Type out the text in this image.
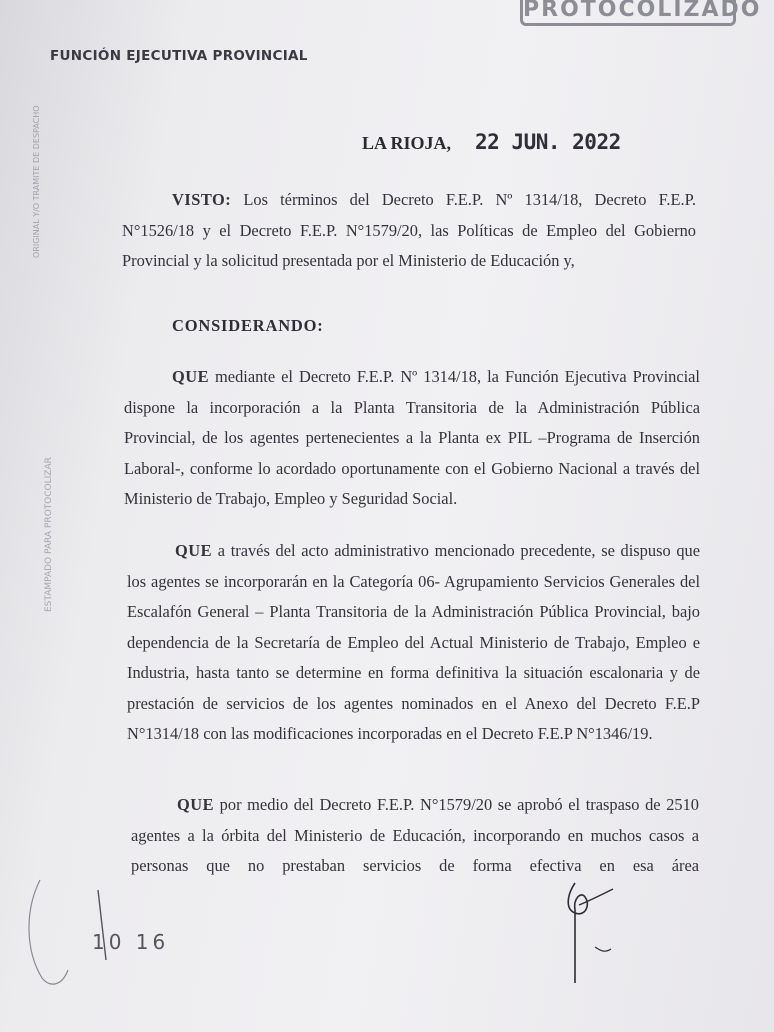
PROTOCOLIZADO
FUNCIÓN EJECUTIVA PROVINCIAL
ORIGINAL Y/O TRAMITE DE DESPACHO
ESTAMPADO PARA PROTOCOLIZAR
LA RIOJA, 22 JUN. 2022
VISTO: Los términos del Decreto F.E.P. Nº 1314/18, Decreto F.E.P. N°1526/18 y el Decreto F.E.P. N°1579/20, las Políticas de Empleo del Gobierno Provincial y la solicitud presentada por el Ministerio de Educación y,
CONSIDERANDO:
QUE mediante el Decreto F.E.P. Nº 1314/18, la Función Ejecutiva Provincial dispone la incorporación a la Planta Transitoria de la Administración Pública Provincial, de los agentes pertenecientes a la Planta ex PIL –Programa de Inserción Laboral-, conforme lo acordado oportunamente con el Gobierno Nacional a través del Ministerio de Trabajo, Empleo y Seguridad Social.
QUE a través del acto administrativo mencionado precedente, se dispuso que los agentes se incorporarán en la Categoría 06- Agrupamiento Servicios Generales del Escalafón General – Planta Transitoria de la Administración Pública Provincial, bajo dependencia de la Secretaría de Empleo del Actual Ministerio de Trabajo, Empleo e Industria, hasta tanto se determine en forma definitiva la situación escalonaria y de prestación de servicios de los agentes nominados en el Anexo del Decreto F.E.P N°1314/18 con las modificaciones incorporadas en el Decreto F.E.P N°1346/19.
QUE por medio del Decreto F.E.P. N°1579/20 se aprobó el traspaso de 2510 agentes a la órbita del Ministerio de Educación, incorporando en muchos casos a personas que no prestaban servicios de forma efectiva en esa área
10 16
